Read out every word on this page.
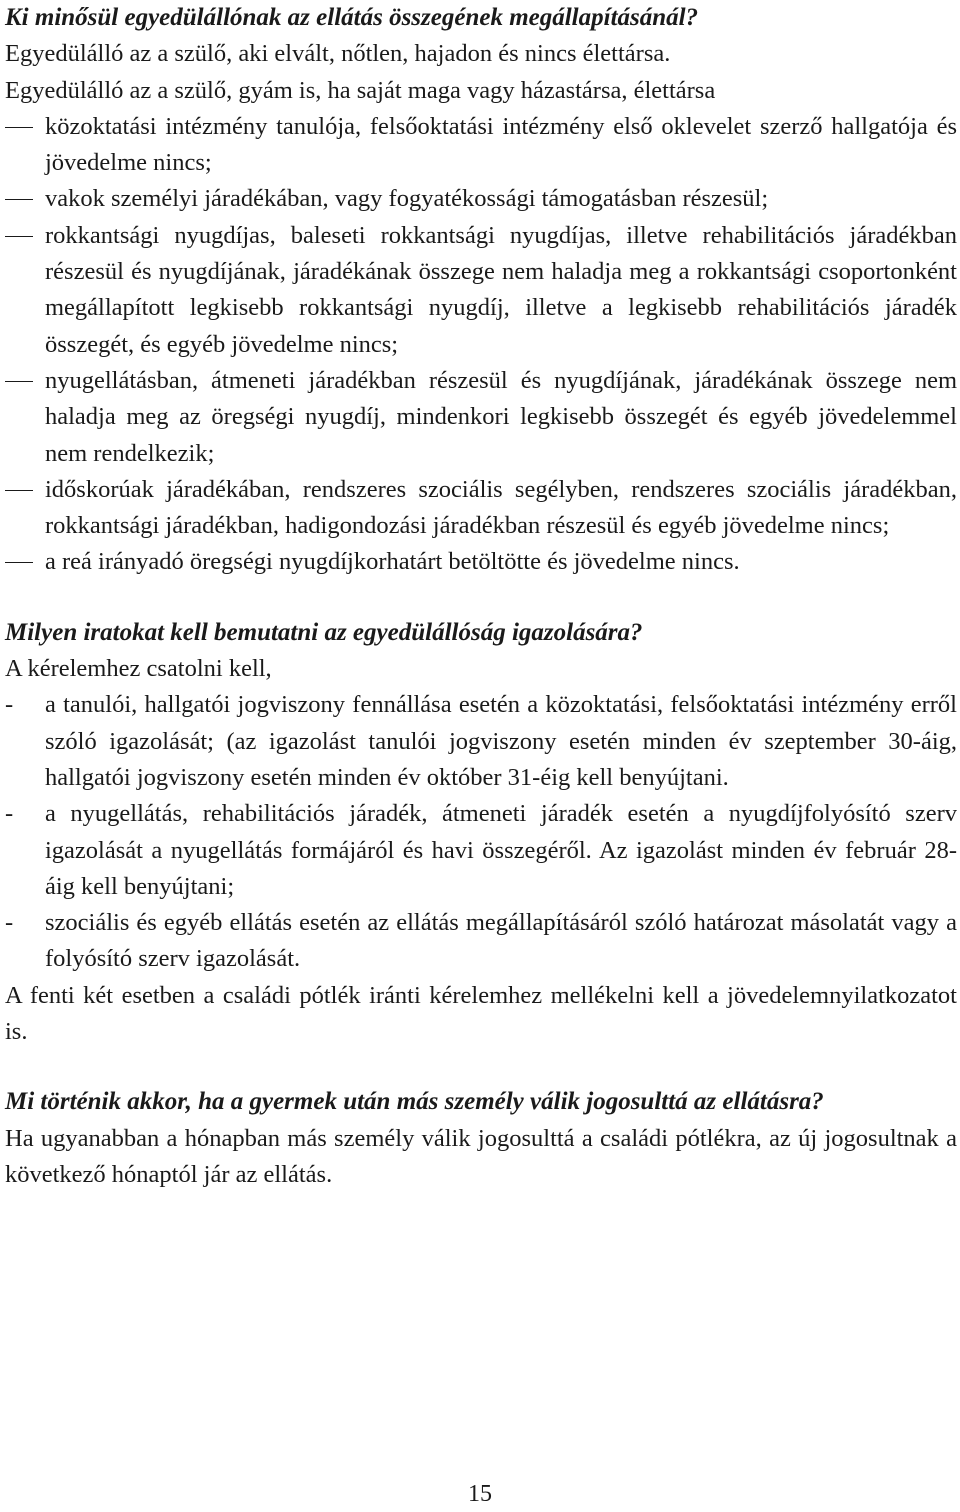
Ki minősül egyedülállónak az ellátás összegének megállapításánál?

Egyedülálló az a szülő, aki elvált, nőtlen, hajadon és nincs élettársa.

Egyedülálló az a szülő, gyám is, ha saját maga vagy házastársa, élettársa

közoktatási intézmény tanulója, felsőoktatási intézmény első oklevelet szerző hallgatója és jövedelme nincs;
vakok személyi járadékában, vagy fogyatékossági támogatásban részesül;
rokkantsági nyugdíjas, baleseti rokkantsági nyugdíjas, illetve rehabilitációs járadékban részesül és nyugdíjának, járadékának összege nem haladja meg a rokkantsági csoportonként megállapított legkisebb rokkantsági nyugdíj, illetve a legkisebb rehabilitációs járadék összegét, és egyéb jövedelme nincs;
nyugellátásban, átmeneti járadékban részesül és nyugdíjának, járadékának összege nem haladja meg az öregségi nyugdíj, mindenkori legkisebb összegét és egyéb jövedelemmel nem rendelkezik;
időskorúak járadékában, rendszeres szociális segélyben, rendszeres szociális járadékban, rokkantsági járadékban, hadigondozási járadékban részesül és egyéb jövedelme nincs;
a reá irányadó öregségi nyugdíjkorhatárt betöltötte és jövedelme nincs.

Milyen iratokat kell bemutatni az egyedülállóság igazolására?

A kérelemhez csatolni kell,

- a tanulói, hallgatói jogviszony fennállása esetén a közoktatási, felsőoktatási intézmény erről szóló igazolását; (az igazolást tanulói jogviszony esetén minden év szeptember 30-áig, hallgatói jogviszony esetén minden év október 31-éig kell benyújtani.
- a nyugellátás, rehabilitációs járadék, átmeneti járadék esetén a nyugdíjfolyósító szerv igazolását a nyugellátás formájáról és havi összegéről. Az igazolást minden év február 28-áig kell benyújtani;
- szociális és egyéb ellátás esetén az ellátás megállapításáról szóló határozat másolatát vagy a folyósító szerv igazolását.

A fenti két esetben a családi pótlék iránti kérelemhez mellékelni kell a jövedelemnyilatkozatot is.

Mi történik akkor, ha a gyermek után más személy válik jogosulttá az ellátásra?

Ha ugyanabban a hónapban más személy válik jogosulttá a családi pótlékra, az új jogosultnak a következő hónaptól jár az ellátás.

15
